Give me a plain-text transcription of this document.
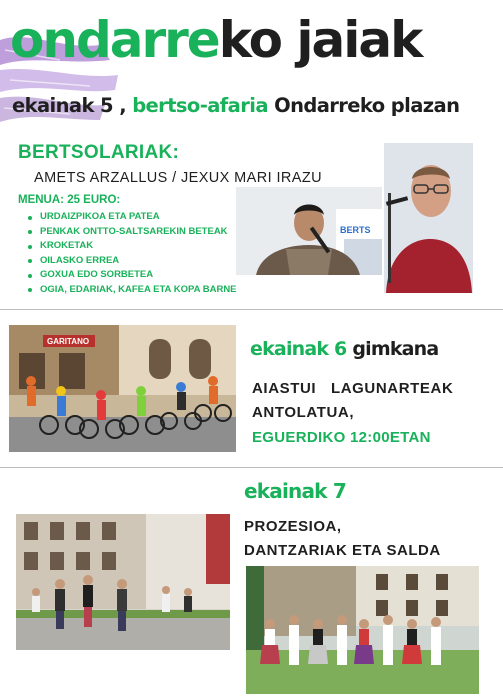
ondarreko jaiak
ekainak 5 , bertso-afaria Ondarreko plazan
BERTSOLARIAK:
AMETS ARZALLUS / JEXUX MARI IRAZU
MENUA: 25 EURO:
URDAIZPIKOA ETA PATEA
PENKAK ONTTO-SALTSAREKIN BETEAK
KROKETAK
OILASKO ERREA
GOXUA EDO SORBETEA
OGIA, EDARIAK, KAFEA ETA KOPA BARNE
BERTS
GARITANO	ekainak 6 gimkana
AIASTUI LAGUNARTEAK
ANTOLATUA,
EGUERDIKO 12:00ETAN
ekainak 7
PROZESIOA,
DANTZARIAK ETA SALDA
